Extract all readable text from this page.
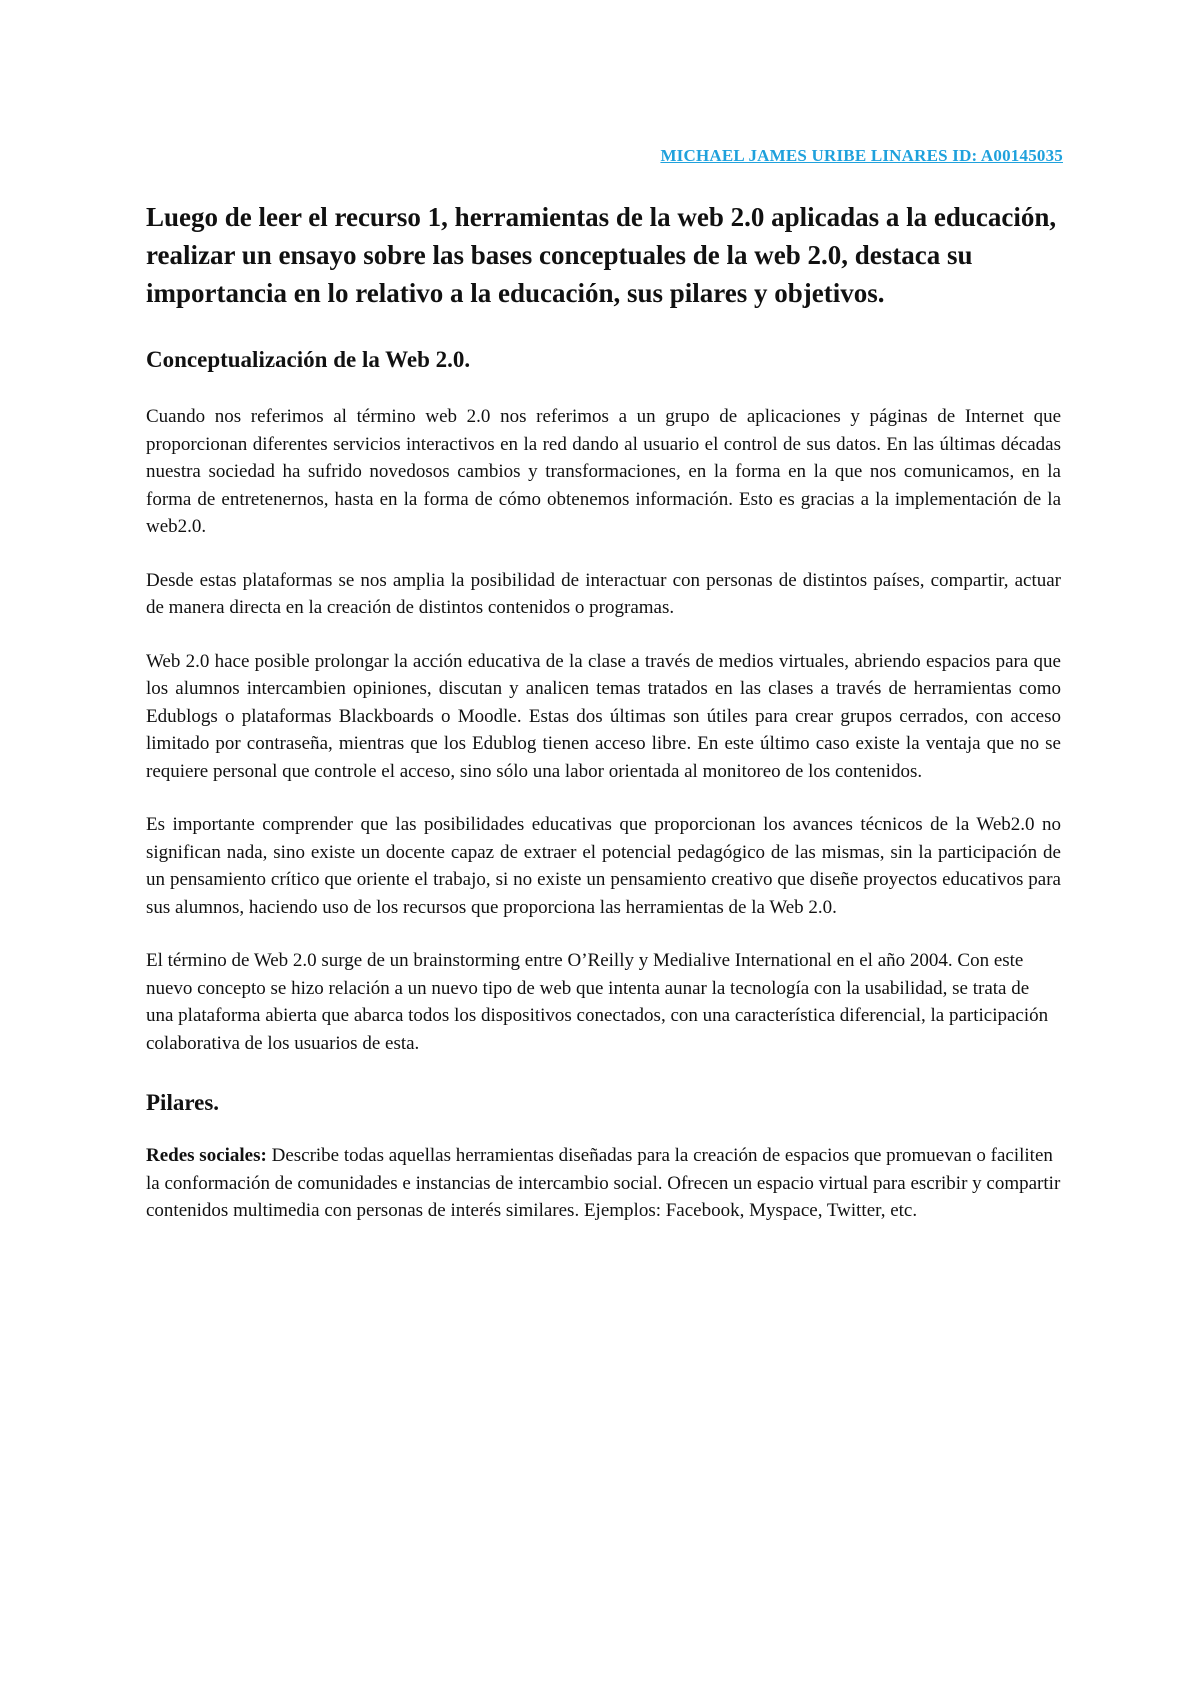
MICHAEL JAMES URIBE LINARES ID: A00145035
Luego de leer el recurso 1, herramientas de la web 2.0 aplicadas a la educación, realizar un ensayo sobre las bases conceptuales de la web 2.0, destaca su importancia en lo relativo a la educación, sus pilares y objetivos.
Conceptualización de la Web 2.0.

Cuando nos referimos al término web 2.0 nos referimos a un grupo de aplicaciones y páginas de Internet que proporcionan diferentes servicios interactivos en la red dando al usuario el control de sus datos. En las últimas décadas nuestra sociedad ha sufrido novedosos cambios y transformaciones, en la forma en la que nos comunicamos, en la forma de entretenernos, hasta en la forma de cómo obtenemos información. Esto es gracias a la implementación de la web2.0.

Desde estas plataformas se nos amplia la posibilidad de interactuar con personas de distintos países, compartir, actuar de manera directa en la creación de distintos contenidos o programas.

Web 2.0 hace posible prolongar la acción educativa de la clase a través de medios virtuales, abriendo espacios para que los alumnos intercambien opiniones, discutan y analicen temas tratados en las clases a través de herramientas como Edublogs o plataformas Blackboards o Moodle. Estas dos últimas son útiles para crear grupos cerrados, con acceso limitado por contraseña, mientras que los Edublog tienen acceso libre. En este último caso existe la ventaja que no se requiere personal que controle el acceso, sino sólo una labor orientada al monitoreo de los contenidos.

Es importante comprender que las posibilidades educativas que proporcionan los avances técnicos de la Web2.0 no significan nada, sino existe un docente capaz de extraer el potencial pedagógico de las mismas, sin la participación de un pensamiento crítico que oriente el trabajo, si no existe un pensamiento creativo que diseñe proyectos educativos para sus alumnos, haciendo uso de los recursos que proporciona las herramientas de la Web 2.0.

El término de Web 2.0 surge de un brainstorming entre O’Reilly y Medialive International en el año 2004. Con este nuevo concepto se hizo relación a un nuevo tipo de web que intenta aunar la tecnología con la usabilidad, se trata de una plataforma abierta que abarca todos los dispositivos conectados, con una característica diferencial, la participación colaborativa de los usuarios de esta.

Pilares.

Redes sociales: Describe todas aquellas herramientas diseñadas para la creación de espacios que promuevan o faciliten la conformación de comunidades e instancias de intercambio social. Ofrecen un espacio virtual para escribir y compartir contenidos multimedia con personas de interés similares. Ejemplos: Facebook, Myspace, Twitter, etc.
